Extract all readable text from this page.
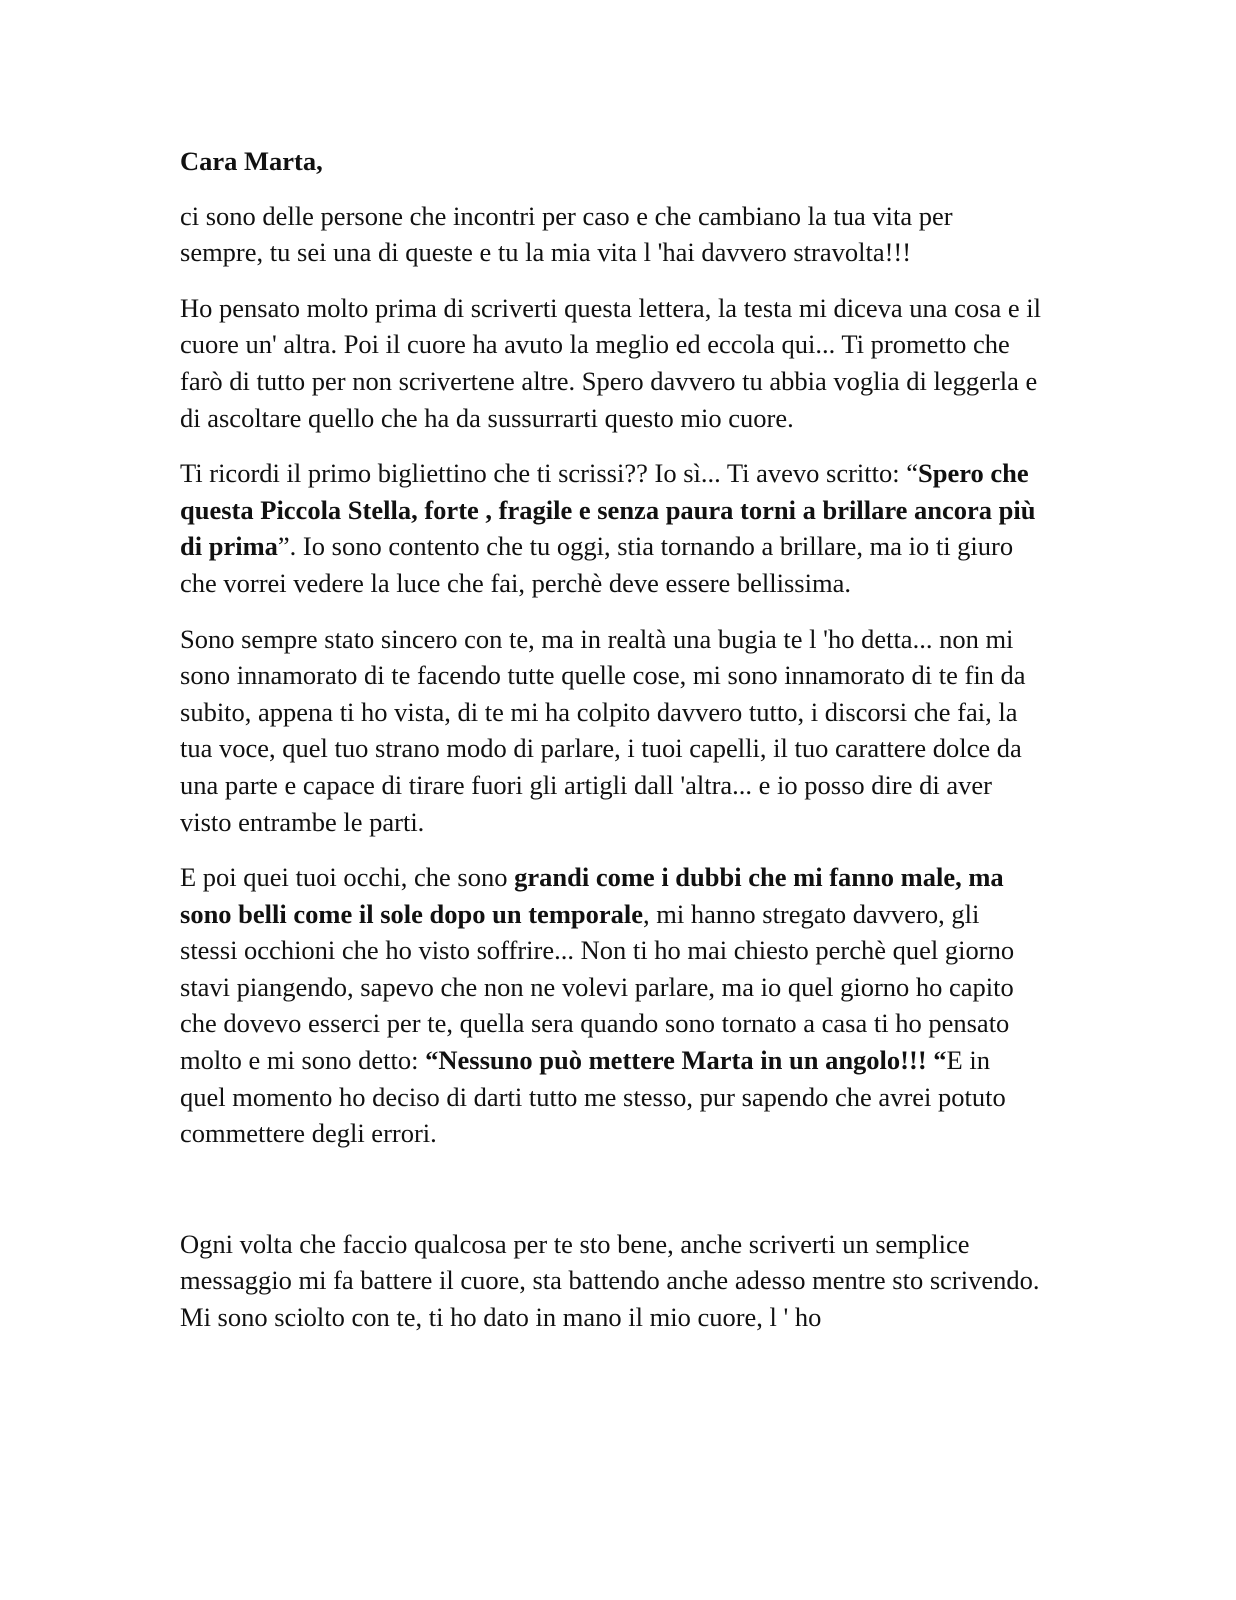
Cara Marta,

ci sono delle persone che incontri per caso e che cambiano la tua vita per sempre, tu sei una di queste e tu la mia vita l 'hai davvero stravolta!!!

Ho pensato molto prima di scriverti questa lettera, la testa mi diceva una cosa e il cuore un' altra. Poi il cuore ha avuto la meglio ed eccola qui... Ti prometto che farò di tutto per non scrivertene altre. Spero davvero tu abbia voglia di leggerla e di ascoltare quello che ha da sussurrarti questo mio cuore.

Ti ricordi il primo bigliettino che ti scrissi?? Io sì... Ti avevo scritto: “Spero che questa Piccola Stella, forte , fragile e senza paura torni a brillare ancora più di prima”. Io sono contento che tu oggi, stia tornando a brillare, ma io ti giuro che vorrei vedere la luce che fai, perchè deve essere bellissima.

Sono sempre stato sincero con te, ma in realtà una bugia te l 'ho detta... non mi sono innamorato di te facendo tutte quelle cose, mi sono innamorato di te fin da subito, appena ti ho vista, di te mi ha colpito davvero tutto, i discorsi che fai, la tua voce, quel tuo strano modo di parlare, i tuoi capelli, il tuo carattere dolce da una parte e capace di tirare fuori gli artigli dall 'altra... e io posso dire di aver visto entrambe le parti.

E poi quei tuoi occhi, che sono grandi come i dubbi che mi fanno male, ma sono belli come il sole dopo un temporale, mi hanno stregato davvero, gli stessi occhioni che ho visto soffrire... Non ti ho mai chiesto perchè quel giorno stavi piangendo, sapevo che non ne volevi parlare, ma io quel giorno ho capito che dovevo esserci per te, quella sera quando sono tornato a casa ti ho pensato molto e mi sono detto: “Nessuno può mettere Marta in un angolo!!! “E in quel momento ho deciso di darti tutto me stesso, pur sapendo che avrei potuto commettere degli errori.

Ogni volta che faccio qualcosa per te sto bene, anche scriverti un semplice messaggio mi fa battere il cuore, sta battendo anche adesso mentre sto scrivendo. Mi sono sciolto con te, ti ho dato in mano il mio cuore, l ' ho
